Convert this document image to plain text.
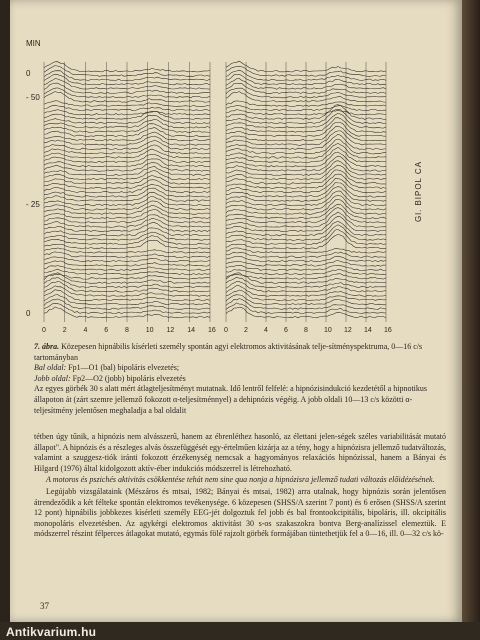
Gl. BIPOL CA
7. ábra. Közepesen hipnábilis kísérleti személy spontán agyi elektromos aktivitásának telje-sítményspektruma, 0—16 c/s tartományban
Bal oldal: Fp1—O1 (bal) bipoláris elvezetés;
Jobb oldal: Fp2—O2 (jobb) bipoláris elvezetés
Az egyes görbék 30 s alatt mért átlagteljesítményt mutatnak. Idő lentről felfelé: a hipnózisindukció kezdetétől a hipnotikus állapoton át (zárt szemre jellemző fokozott α-teljesítménnyel) a dehipnózis végéig. A jobb oldali 10—13 c/s közötti α-teljesítmény jelentősen meghaladja a bal oldalit

tétben úgy tűnik, a hipnózis nem alvásszerű, hanem az ébrenléthez hasonló, az élettani jelen-ségek széles variabilitását mutató állapot". A hipnózis és a részleges alvás összefüggését egy-értelműen kizárja az a tény, hogy a hipnózisra jellemző tudatváltozás, valamint a szuggesz-tiók iránti fokozott érzékenység nemcsak a hagyományos relaxációs hipnózissal, hanem a Bányai és Hilgard (1976) által kidolgozott aktív-éber indukciós módszerrel is létrehozható.

A motoros és pszichés aktivitás csökkentése tehát nem sine qua nonja a hipnózisra jellemző tudati változás előidézésének.

Legújabb vizsgálataink (Mészáros és mtsai, 1982; Bányai és mtsai, 1982) arra utalnak, hogy hipnózis során jelentősen átrendeződik a két félteke spontán elektromos tevékenysége. 6 közepesen (SHSS/A szerint 7 pont) és 6 erősen (SHSS/A szerint 12 pont) hipnábilis jobbkezes kísérleti személy EEG-jét dolgoztuk fel jobb és bal frontookcipitális, bipoláris, ill. okcipitális monopoláris elvezetésben. Az agykérgi elektromos aktivitást 30 s-os szakaszokra bontva Berg-analízissel elemeztük. E módszerrel részint félperces átlagokat mutató, egymás fölé rajzolt görbék formájában tüntethetjük fel a 0—16, ill. 0—32 c/s kö-

37
MIN
0
- 50
- 25
0
0 2 4 6 8 10 12 14 16 0 2 4 6 8 10 12 14 16
Antikvarium.hu
